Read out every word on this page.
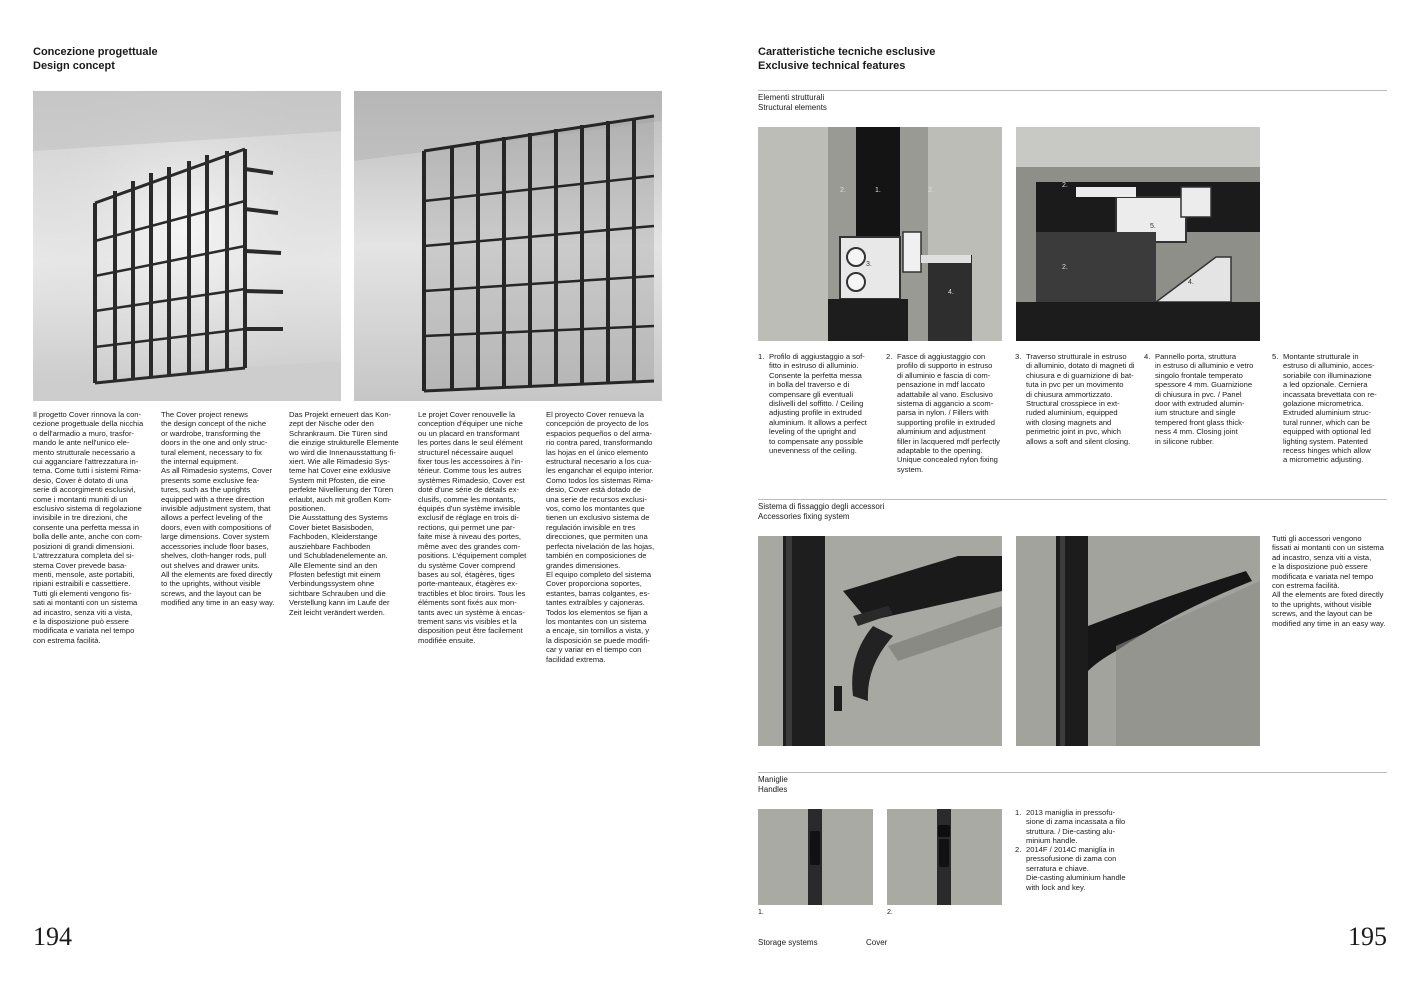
Concezione progettuale
Design concept
Il progetto Cover rinnova la con-
cezione progettuale della nicchia
o dell'armadio a muro, trasfor-
mando le ante nell'unico ele-
mento strutturale necessario a
cui agganciare l'attrezzatura in-
terna. Come tutti i sistemi Rima-
desio, Cover è dotato di una
serie di accorgimenti esclusivi,
come i montanti muniti di un
esclusivo sistema di regolazione
invisibile in tre direzioni, che
consente una perfetta messa in
bolla delle ante, anche con com-
posizioni di grandi dimensioni.
L'attrezzatura completa del si-
stema Cover prevede basa-
menti, mensole, aste portabiti,
ripiani estraibili e cassettiere.
Tutti gli elementi vengono fis-
sati ai montanti con un sistema
ad incastro, senza viti a vista,
e la disposizione può essere
modificata e variata nel tempo
con estrema facilità.
The Cover project renews
the design concept of the niche
or wardrobe, transforming the
doors in the one and only struc-
tural element, necessary to fix
the internal equipment.
As all Rimadesio systems, Cover
presents some exclusive fea-
tures, such as the uprights
equipped with a three direction
invisible adjustment system, that
allows a perfect leveling of the
doors, even with compositions of
large dimensions. Cover system
accessories include floor bases,
shelves, cloth-hanger rods, pull
out shelves and drawer units.
All the elements are fixed directly
to the uprights, without visible
screws, and the layout can be
modified any time in an easy way.
Das Projekt erneuert das Kon-
zept der Nische oder den
Schrankraum. Die Türen sind
die einzige strukturelle Elemente
wo wird die Innenausstattung fi-
xiert. Wie alle Rimadesio Sys-
teme hat Cover eine exklusive
System mit Pfosten, die eine
perfekte Nivellierung der Türen
erlaubt, auch mit großen Kom-
positionen.
Die Ausstattung des Systems
Cover bietet Basisboden,
Fachboden, Kleiderstange
ausziehbare Fachboden
und Schubladenelemente an.
Alle Elemente sind an den
Pfosten befestigt mit einem
Verbindungssystem ohne
sichtbare Schrauben und die
Verstellung kann im Laufe der
Zeit leicht verändert werden.
Le projet Cover renouvelle la
conception d'équiper une niche
ou un placard en transformant
les portes dans le seul élément
structurel nécessaire auquel
fixer tous les accessoires à l'in-
térieur. Comme tous les autres
systèmes Rimadesio, Cover est
doté d'une série de détails ex-
clusifs, comme les montants,
équipés d'un système invisible
exclusif de réglage en trois di-
rections, qui permet une par-
faite mise à niveau des portes,
même avec des grandes com-
positions. L'équipement complet
du système Cover comprend
bases au sol, étagères, tiges
porte-manteaux, étagères ex-
tractibles et bloc tiroirs. Tous les
éléments sont fixés aux mon-
tants avec un système à encas-
trement sans vis visibles et la
disposition peut être facilement
modifiée ensuite.
El proyecto Cover renueva la
concepción de proyecto de los
espacios pequeños o del arma-
rio contra pared, transformando
las hojas en el único elemento
estructural necesario a los cua-
les enganchar el equipo interior.
Como todos los sistemas Rima-
desio, Cover está dotado de
una serie de recursos exclusi-
vos, como los montantes que
tienen un exclusivo sistema de
regulación invisible en tres
direcciones, que permiten una
perfecta nivelación de las hojas,
también en composiciones de
grandes dimensiones.
El equipo completo del sistema
Cover proporciona soportes,
estantes, barras colgantes, es-
tantes extraíbles y cajoneras.
Todos los elementos se fijan a
los montantes con un sistema
a encaje, sin tornillos a vista, y
la disposición se puede modifi-
car y variar en el tiempo con
facilidad extrema.
194
Caratteristiche tecniche esclusive
Exclusive technical features
Elementi strutturali
Structural elements
2.	1.	2.
3.
4.
2.
5.
2.
4.
1. Profilo di aggiustaggio a sof-
fitto in estruso di alluminio.
Consente la perfetta messa
in bolla del traverso e di
compensare gli eventuali
dislivelli del soffitto. / Ceiling
adjusting profile in extruded
aluminium. It allows a perfect
leveling of the upright and
to compensate any possible
unevenness of the ceiling.
2. Fasce di aggiustaggio con
profilo di supporto in estruso
di alluminio e fascia di com-
pensazione in mdf laccato
adattabile al vano. Esclusivo
sistema di aggancio a scom-
parsa in nylon. / Fillers with
supporting profile in extruded
aluminium and adjustment
filler in lacquered mdf perfectly
adaptable to the opening.
Unique concealed nylon fixing
system.
3. Traverso strutturale in estruso
di alluminio, dotato di magneti di
chiusura e di guarnizione di bat-
tuta in pvc per un movimento
di chiusura ammortizzato.
Structural crosspiece in ext-
ruded aluminium, equipped
with closing magnets and
perimetric joint in pvc, which
allows a soft and silent closing.
4. Pannello porta, struttura
in estruso di alluminio e vetro
singolo frontale temperato
spessore 4 mm. Guarnizione
di chiusura in pvc. / Panel
door with extruded alumin-
ium structure and single
tempered front glass thick-
ness 4 mm. Closing joint
in silicone rubber.
5. Montante strutturale in
estruso di alluminio, acces-
soriabile con illuminazione
a led opzionale. Cerniera
incassata brevettata con re-
golazione micrometrica.
Extruded aluminium struc-
tural runner, which can be
equipped with optional led
lighting system. Patented
recess hinges which allow
a micrometric adjusting.
Sistema di fissaggio degli accessori
Accessories fixing system
Tutti gli accessori vengono
fissati ai montanti con un sistema
ad incastro, senza viti a vista,
e la disposizione può essere
modificata e variata nel tempo
con estrema facilità.
All the elements are fixed directly
to the uprights, without visible
screws, and the layout can be
modified any time in an easy way.
Maniglie
Handles
1.	2.
1. 2013 maniglia in pressofu-
sione di zama incassata a filo
struttura. / Die-casting alu-
minium handle.
2. 2014F / 2014C maniglia in
pressofusione di zama con
serratura e chiave.
Die-casting aluminium handle
with lock and key.
Storage systems	Cover	195
